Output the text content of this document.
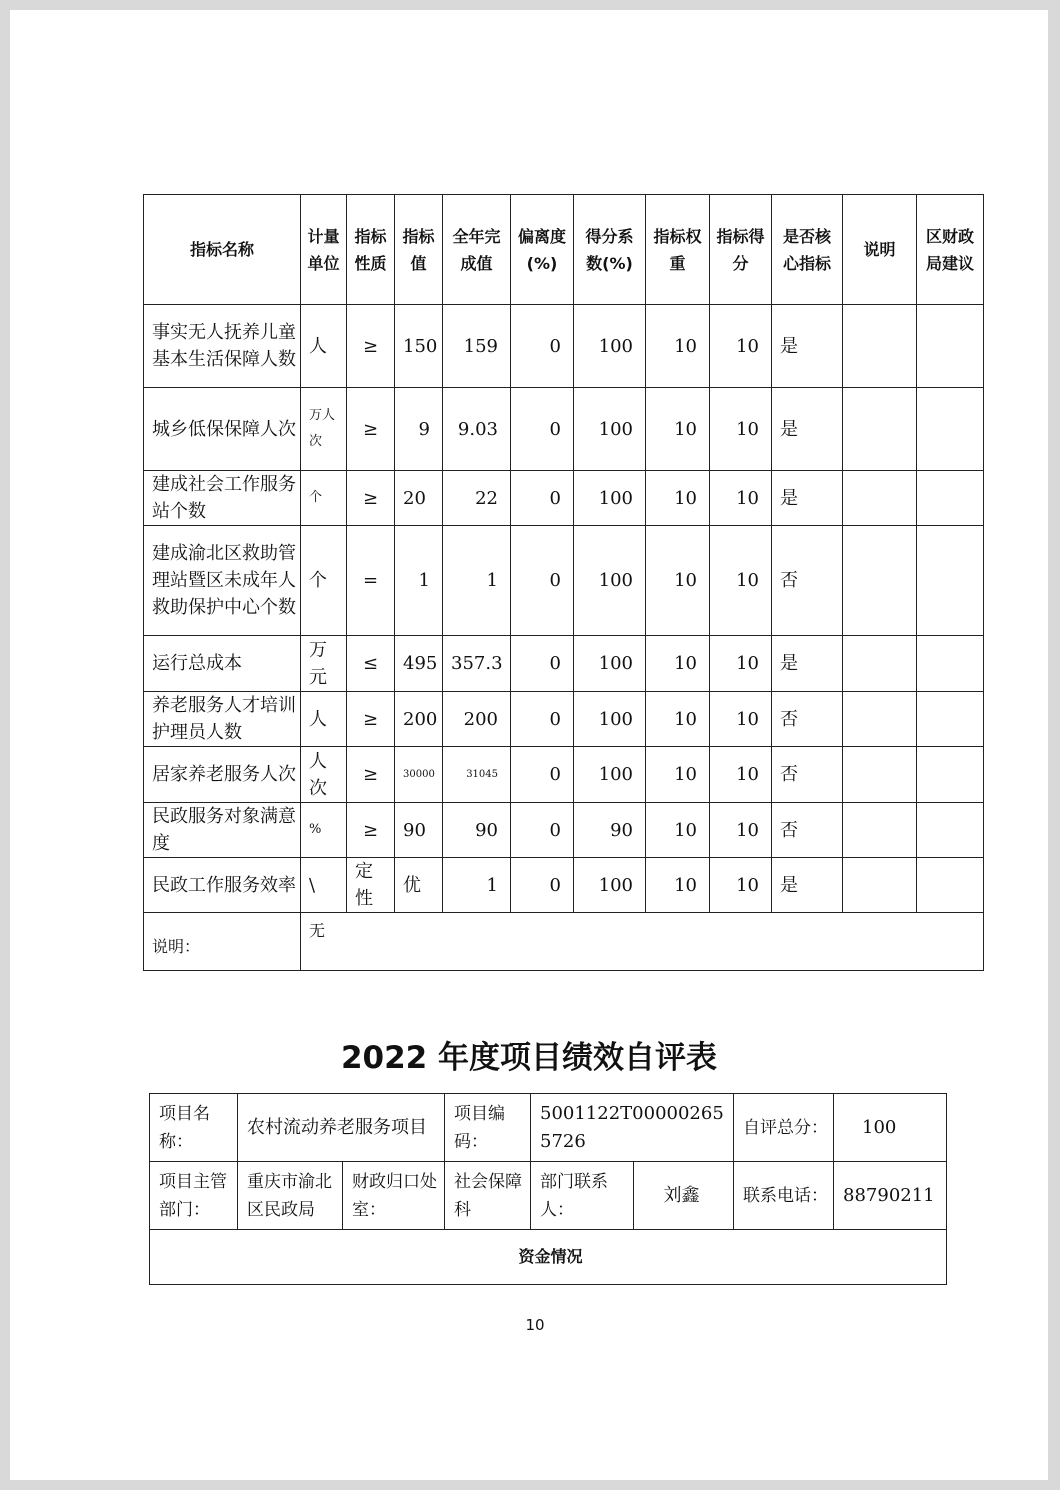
指标名称	计量单位	指标性质	指标值	全年完成值	偏离度(%)	得分系数(%)	指标权重	指标得分	是否核心指标	说明	区财政局建议
事实无人抚养儿童基本生活保障人数	人	≥	150	159	0	100	10	10	是		
城乡低保保障人次	万人次	≥	9	9.03	0	100	10	10	是		
建成社会工作服务站个数	个	≥	20	22	0	100	10	10	是		
建成渝北区救助管理站暨区未成年人救助保护中心个数	个	=	1	1	0	100	10	10	否		
运行总成本	万元	≤	495	357.3	0	100	10	10	是		
养老服务人才培训护理员人数	人	≥	200	200	0	100	10	10	否		
居家养老服务人次	人次	≥	30000	31045	0	100	10	10	否		
民政服务对象满意度	%	≥	90	90	0	90	10	10	否		
民政工作服务效率	\	定性	优	1	0	100	10	10	是		
说明：	无										
2022 年度项目绩效自评表
项目名称：	农村流动养老服务项目		项目编码：	5001122T000002655726		自评总分：	100
项目主管部门：	重庆市渝北区民政局	财政归口处室：	社会保障科	部门联系人：	刘鑫	联系电话：	88790211
资金情况							
10
